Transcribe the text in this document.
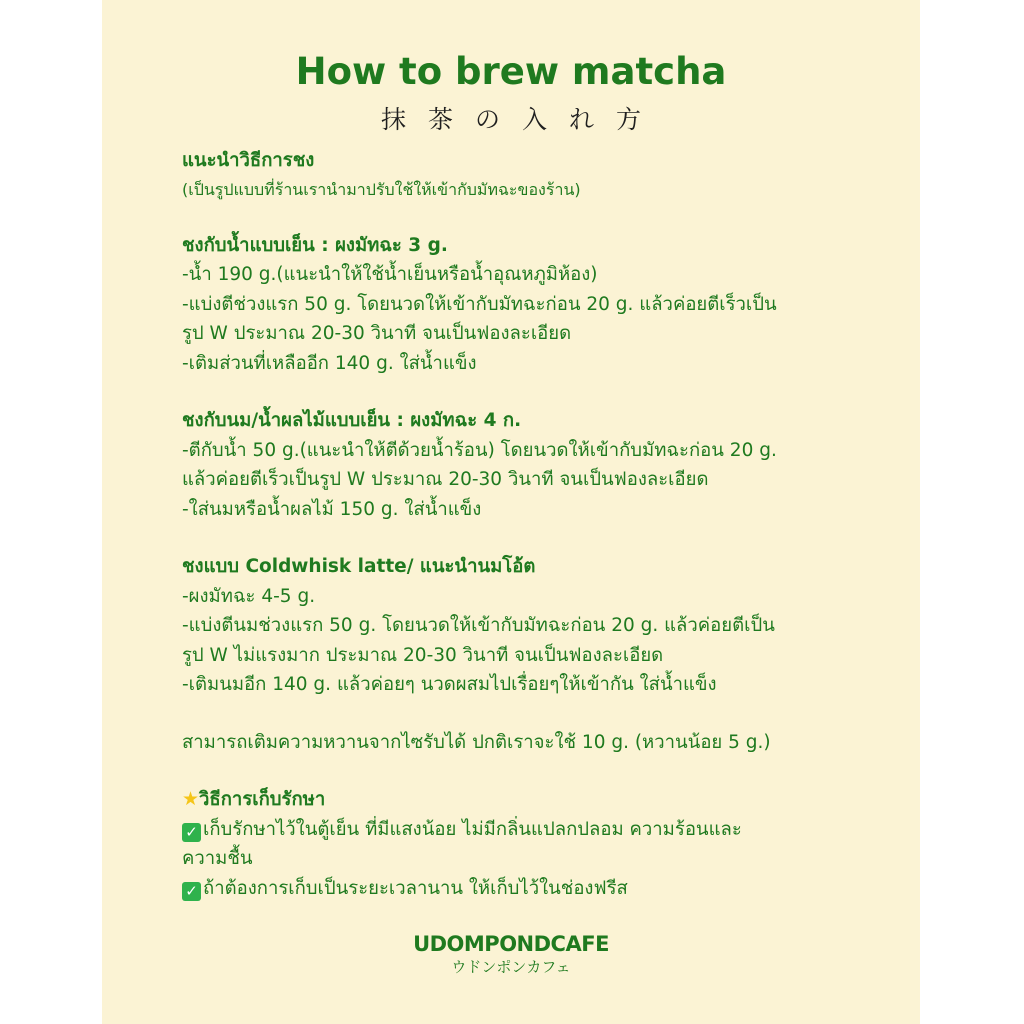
How to brew matcha
抹茶の入れ方
แนะนำวิธีการชง
(เป็นรูปแบบที่ร้านเรานำมาปรับใช้ให้เข้ากับมัทฉะของร้าน)
ชงกับน้ำแบบเย็น : ผงมัทฉะ 3 g.
-น้ำ 190 g.(แนะนำให้ใช้น้ำเย็นหรือน้ำอุณหภูมิห้อง)
-แบ่งตีช่วงแรก 50 g. โดยนวดให้เข้ากับมัทฉะก่อน 20 g. แล้วค่อยตีเร็วเป็น
รูป W ประมาณ 20-30 วินาที จนเป็นฟองละเอียด
-เติมส่วนที่เหลืออีก 140 g. ใส่น้ำแข็ง
ชงกับนม/น้ำผลไม้แบบเย็น : ผงมัทฉะ 4 ก.
-ตีกับน้ำ 50 g.(แนะนำให้ตีด้วยน้ำร้อน) โดยนวดให้เข้ากับมัทฉะก่อน 20 g.
แล้วค่อยตีเร็วเป็นรูป W ประมาณ 20-30 วินาที จนเป็นฟองละเอียด
-ใส่นมหรือน้ำผลไม้ 150 g. ใส่น้ำแข็ง
ชงแบบ Coldwhisk latte/ แนะนำนมโอ้ต
-ผงมัทฉะ 4-5 g.
-แบ่งตีนมช่วงแรก 50 g. โดยนวดให้เข้ากับมัทฉะก่อน 20 g. แล้วค่อยตีเป็น
รูป W ไม่แรงมาก ประมาณ 20-30 วินาที จนเป็นฟองละเอียด
-เติมนมอีก 140 g. แล้วค่อยๆ นวดผสมไปเรื่อยๆให้เข้ากัน ใส่น้ำแข็ง
สามารถเติมความหวานจากไซรับได้ ปกติเราจะใช้ 10 g. (หวานน้อย 5 g.)
★วิธีการเก็บรักษา
✓ เก็บรักษาไว้ในตู้เย็น ที่มีแสงน้อย ไม่มีกลิ่นแปลกปลอม ความร้อนและ
ความชื้น
✓ ถ้าต้องการเก็บเป็นระยะเวลานาน ให้เก็บไว้ในช่องฟรีส
UDOMPONDCAFE
ウドンポンカフェ
